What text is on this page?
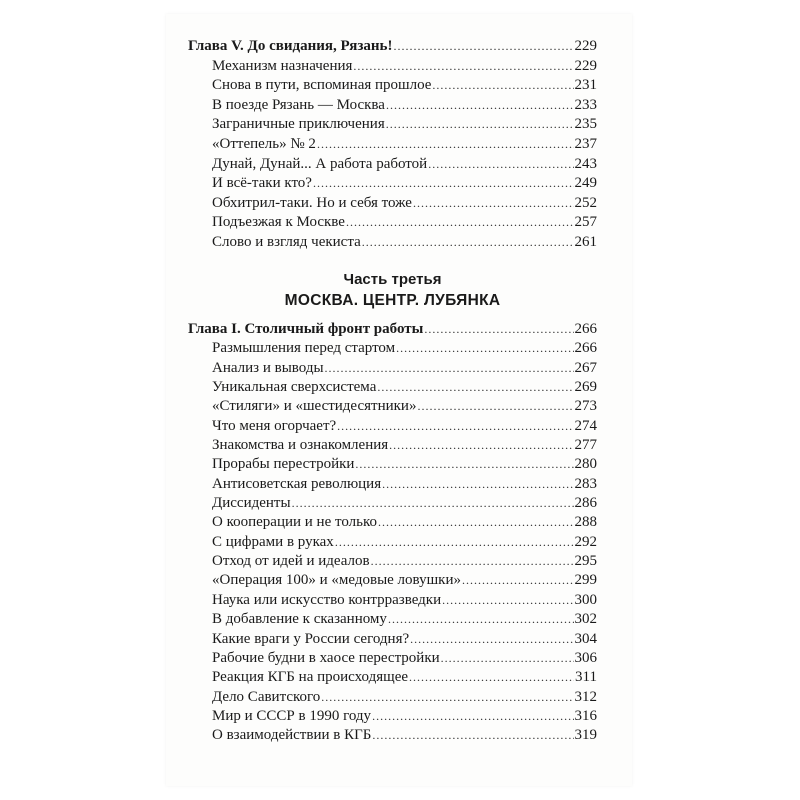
Глава V. До свидания, Рязань! .....	229
Механизм назначения .....	229
Снова в пути, вспоминая прошлое .....	231
В поезде Рязань — Москва .....	233
Заграничные приключения .....	235
«Оттепель» № 2 .....	237
Дунай, Дунай... А работа работой .....	243
И всё-таки кто? .....	249
Обхитрил-таки. Но и себя тоже .....	252
Подъезжая к Москве .....	257
Слово и взгляд чекиста .....	261
Часть третья
МОСКВА. ЦЕНТР. ЛУБЯНКА
Глава I. Столичный фронт работы .....	266
Размышления перед стартом .....	266
Анализ и выводы .....	267
Уникальная сверхсистема .....	269
«Стиляги» и «шестидесятники» .....	273
Что меня огорчает? .....	274
Знакомства и ознакомления .....	277
Прорабы перестройки .....	280
Антисоветская революция .....	283
Диссиденты .....	286
О кооперации и не только .....	288
С цифрами в руках .....	292
Отход от идей и идеалов .....	295
«Операция 100» и «медовые ловушки» .....	299
Наука или искусство контрразведки .....	300
В добавление к сказанному .....	302
Какие враги у России сегодня? .....	304
Рабочие будни в хаосе перестройки .....	306
Реакция КГБ на происходящее .....	311
Дело Савитского .....	312
Мир и СССР в 1990 году .....	316
О взаимодействии в КГБ .....	319
